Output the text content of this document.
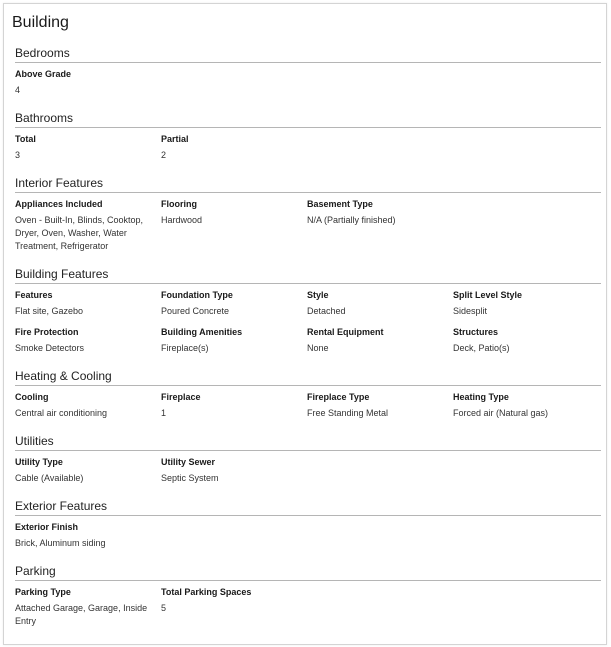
Building
Bedrooms
Above Grade
4
Bathrooms
Total
3
Partial
2
Interior Features
Appliances Included
Oven - Built-In, Blinds, Cooktop, Dryer, Oven, Washer, Water Treatment, Refrigerator
Flooring
Hardwood
Basement Type
N/A (Partially finished)
Building Features
Features
Flat site, Gazebo
Foundation Type
Poured Concrete
Style
Detached
Split Level Style
Sidesplit
Fire Protection
Smoke Detectors
Building Amenities
Fireplace(s)
Rental Equipment
None
Structures
Deck, Patio(s)
Heating & Cooling
Cooling
Central air conditioning
Fireplace
1
Fireplace Type
Free Standing Metal
Heating Type
Forced air (Natural gas)
Utilities
Utility Type
Cable (Available)
Utility Sewer
Septic System
Exterior Features
Exterior Finish
Brick, Aluminum siding
Parking
Parking Type
Attached Garage, Garage, Inside Entry
Total Parking Spaces
5
